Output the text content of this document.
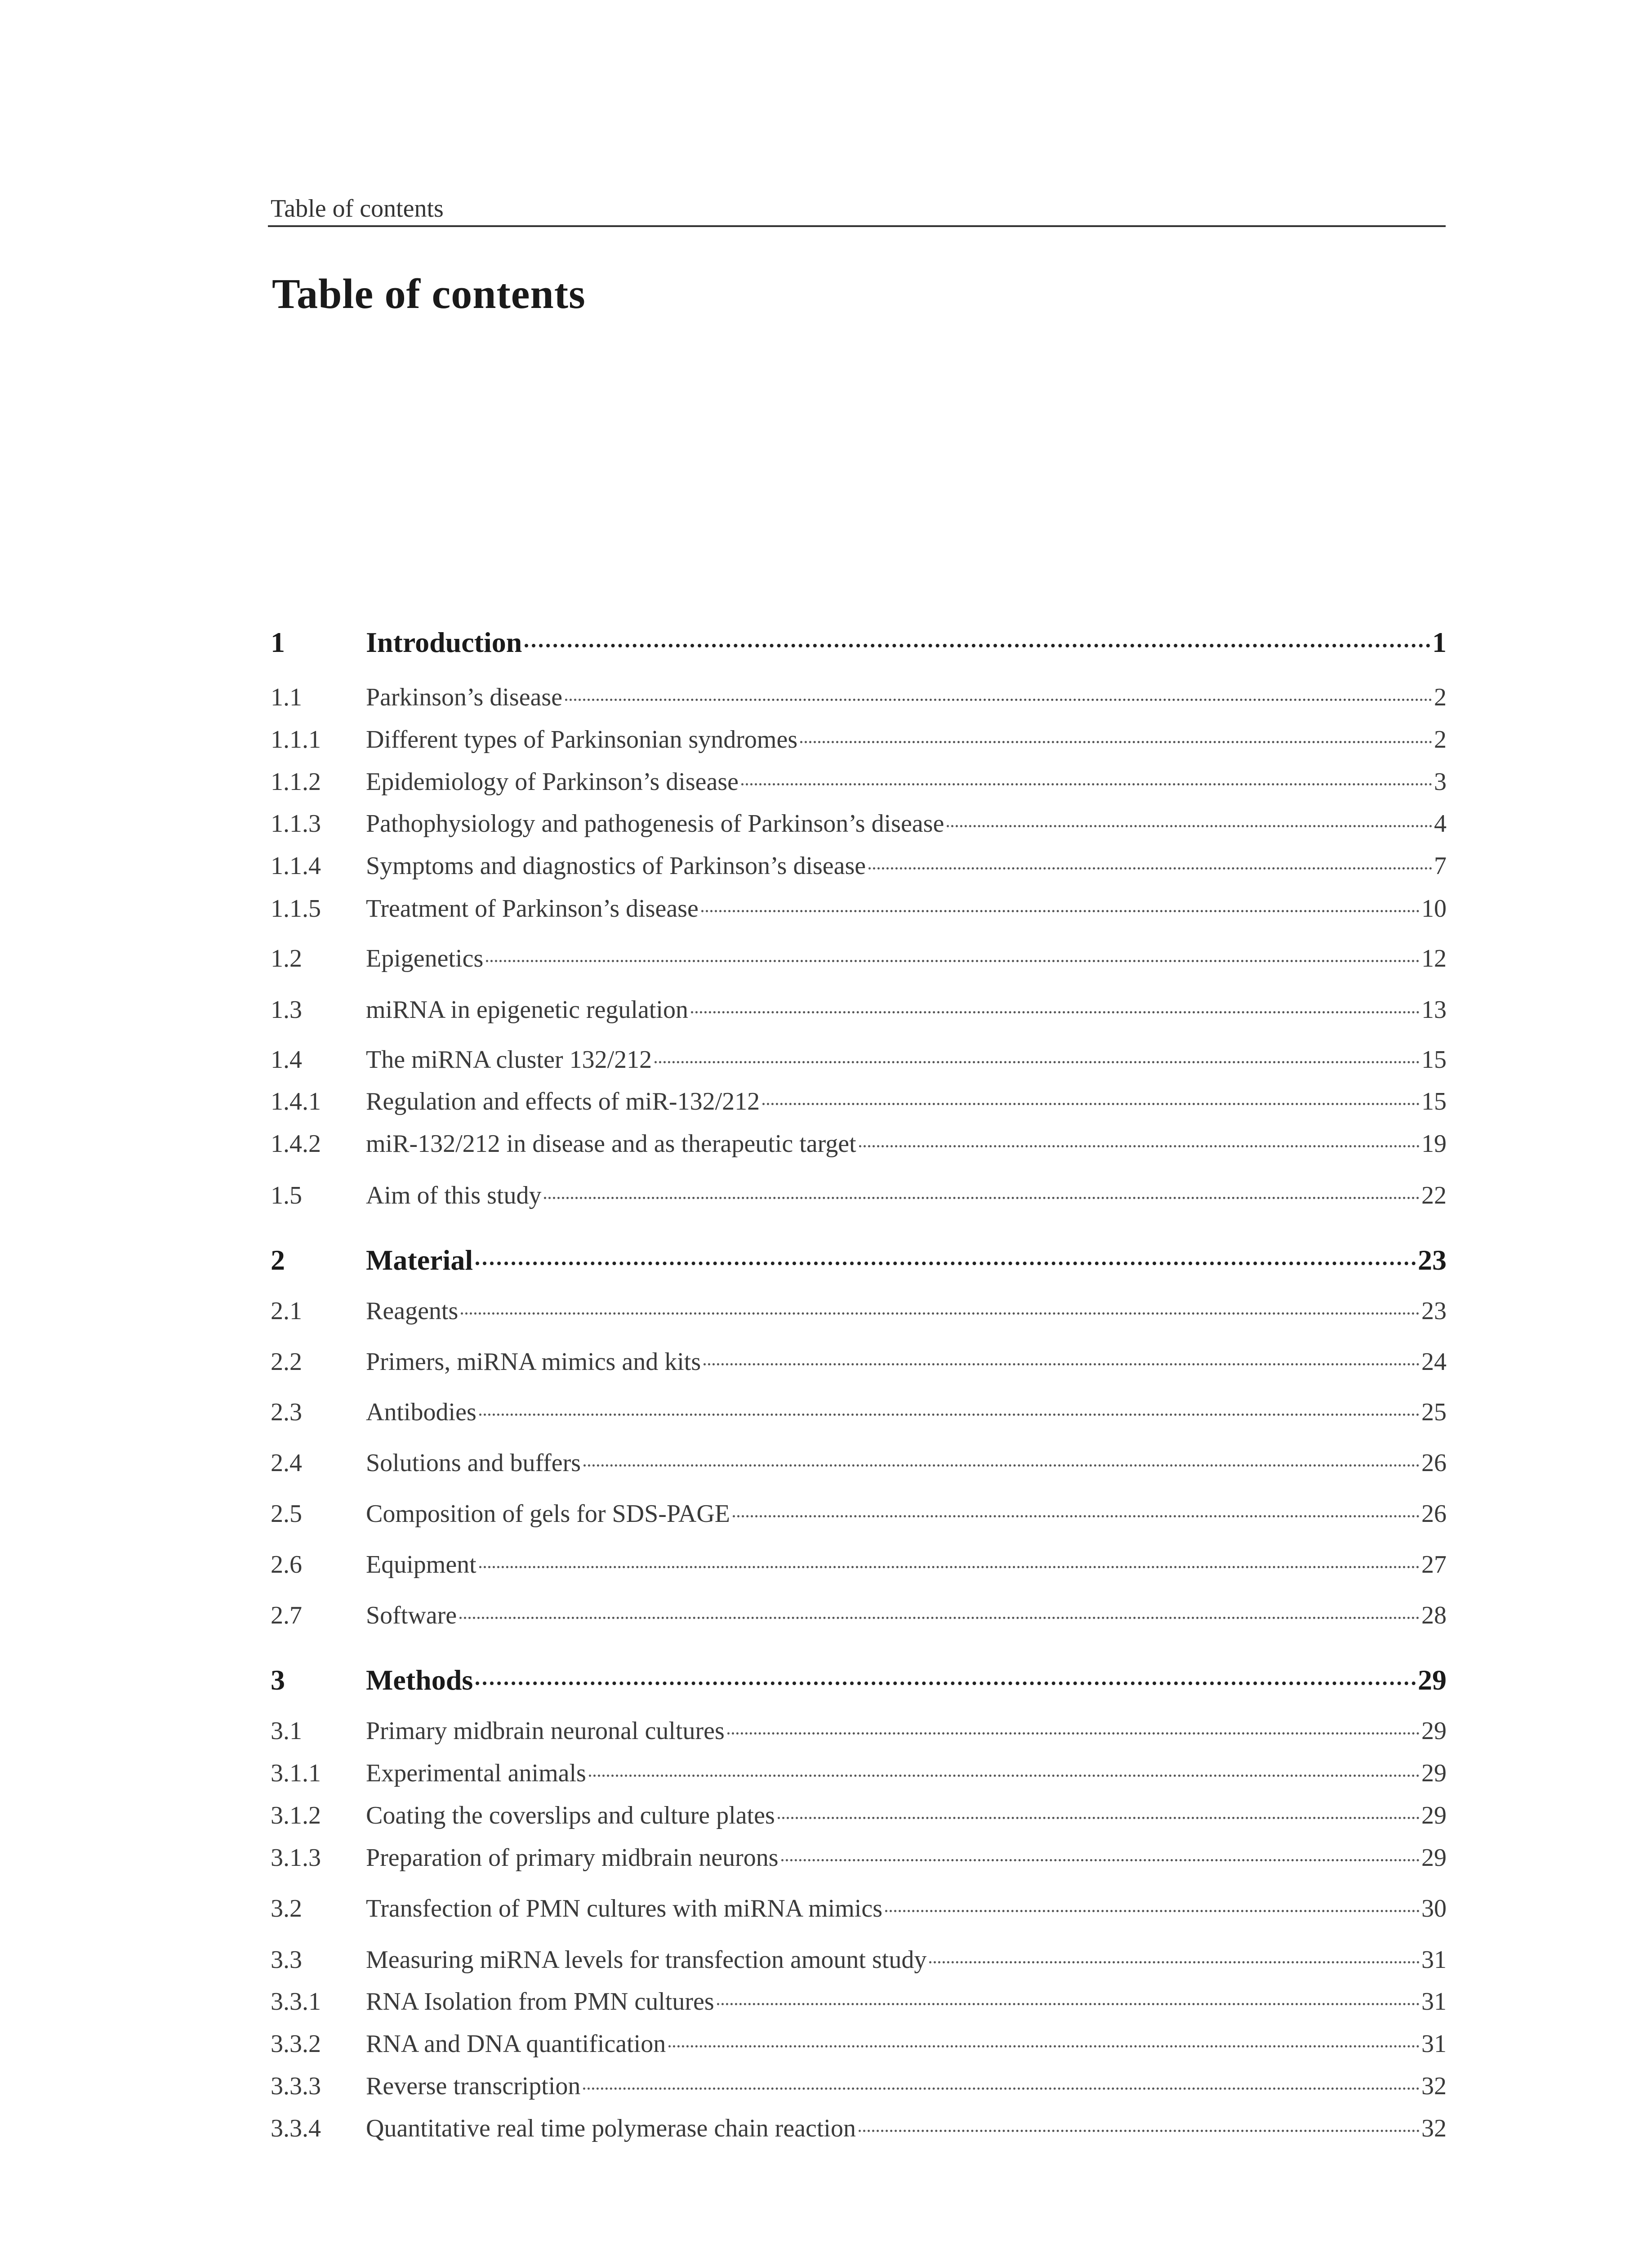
Table of contents
Table of contents
1	Introduction	1
1.1	Parkinson’s disease	2
1.1.1	Different types of Parkinsonian syndromes	2
1.1.2	Epidemiology of Parkinson’s disease	3
1.1.3	Pathophysiology and pathogenesis of Parkinson’s disease	4
1.1.4	Symptoms and diagnostics of Parkinson’s disease	7
1.1.5	Treatment of Parkinson’s disease	10
1.2	Epigenetics	12
1.3	miRNA in epigenetic regulation	13
1.4	The miRNA cluster 132/212	15
1.4.1	Regulation and effects of miR-132/212	15
1.4.2	miR-132/212 in disease and as therapeutic target	19
1.5	Aim of this study	22
2	Material	23
2.1	Reagents	23
2.2	Primers, miRNA mimics and kits	24
2.3	Antibodies	25
2.4	Solutions and buffers	26
2.5	Composition of gels for SDS-PAGE	26
2.6	Equipment	27
2.7	Software	28
3	Methods	29
3.1	Primary midbrain neuronal cultures	29
3.1.1	Experimental animals	29
3.1.2	Coating the coverslips and culture plates	29
3.1.3	Preparation of primary midbrain neurons	29
3.2	Transfection of PMN cultures with miRNA mimics	30
3.3	Measuring miRNA levels for transfection amount study	31
3.3.1	RNA Isolation from PMN cultures	31
3.3.2	RNA and DNA quantification	31
3.3.3	Reverse transcription	32
3.3.4	Quantitative real time polymerase chain reaction	32
